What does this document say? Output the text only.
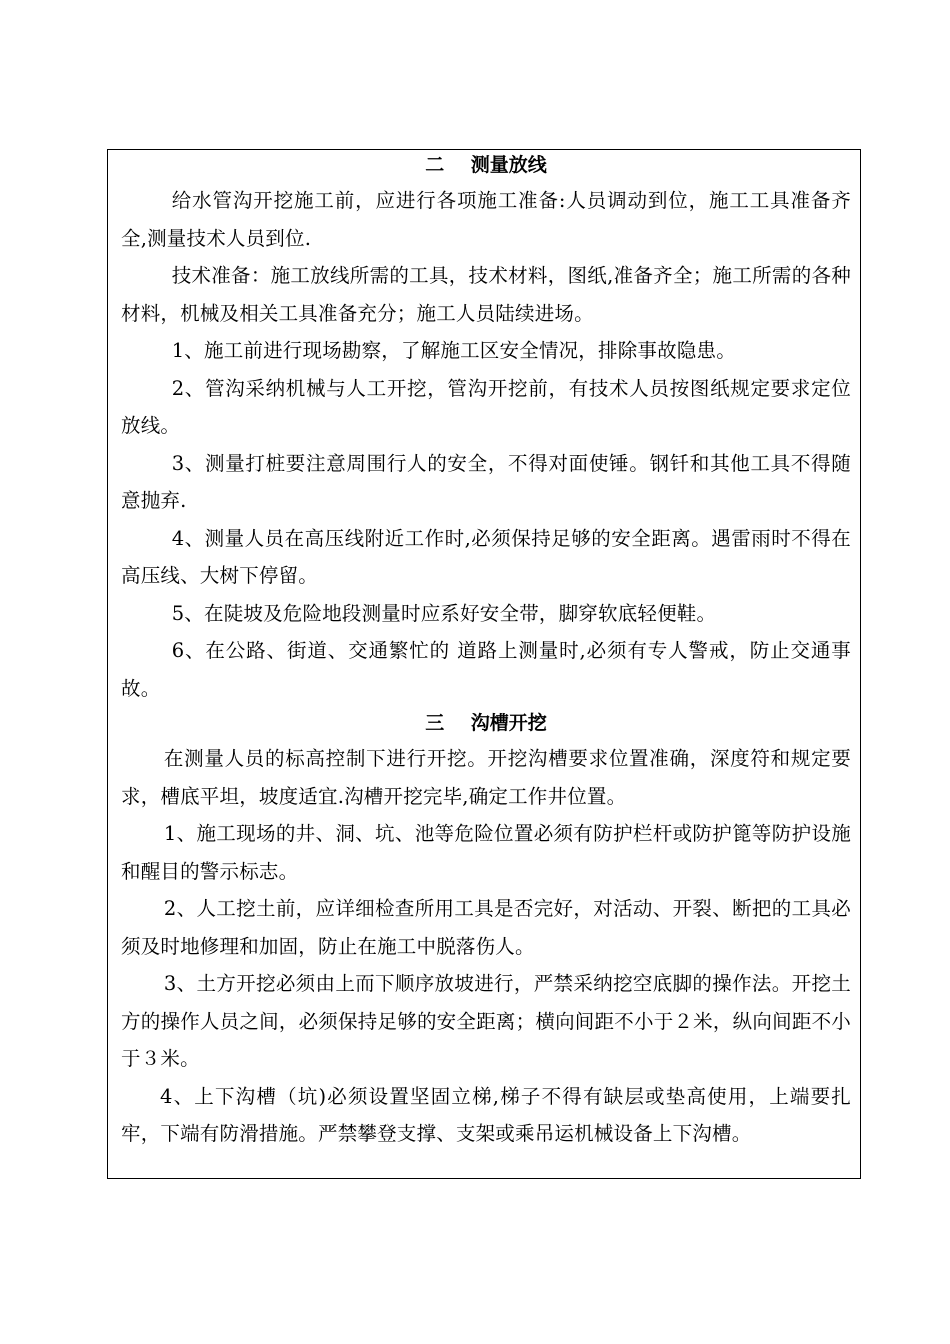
二    测量放线

给水管沟开挖施工前，应进行各项施工准备:人员调动到位，施工工具准备齐全,测量技术人员到位.

技术准备：施工放线所需的工具，技术材料，图纸,准备齐全；施工所需的各种材料，机械及相关工具准备充分；施工人员陆续进场。

1、施工前进行现场勘察，了解施工区安全情况，排除事故隐患。

2、管沟采纳机械与人工开挖，管沟开挖前，有技术人员按图纸规定要求定位放线。

3、测量打桩要注意周围行人的安全，不得对面使锤。钢钎和其他工具不得随意抛弃.

4、测量人员在高压线附近工作时,必须保持足够的安全距离。遇雷雨时不得在高压线、大树下停留。

5、在陡坡及危险地段测量时应系好安全带，脚穿软底轻便鞋。

6、在公路、街道、交通繁忙的 道路上测量时,必须有专人警戒，防止交通事故。

三    沟槽开挖

在测量人员的标高控制下进行开挖。开挖沟槽要求位置准确，深度符和规定要求，槽底平坦，坡度适宜.沟槽开挖完毕,确定工作井位置。

1、施工现场的井、洞、坑、池等危险位置必须有防护栏杆或防护篦等防护设施和醒目的警示标志。

2、人工挖土前，应详细检查所用工具是否完好，对活动、开裂、断把的工具必须及时地修理和加固，防止在施工中脱落伤人。

3、土方开挖必须由上而下顺序放坡进行，严禁采纳挖空底脚的操作法。开挖土方的操作人员之间，必须保持足够的安全距离；横向间距不小于２米，纵向间距不小于３米。

4、上下沟槽（坑)必须设置坚固立梯,梯子不得有缺层或垫高使用，上端要扎牢，下端有防滑措施。严禁攀登支撑、支架或乘吊运机械设备上下沟槽。
